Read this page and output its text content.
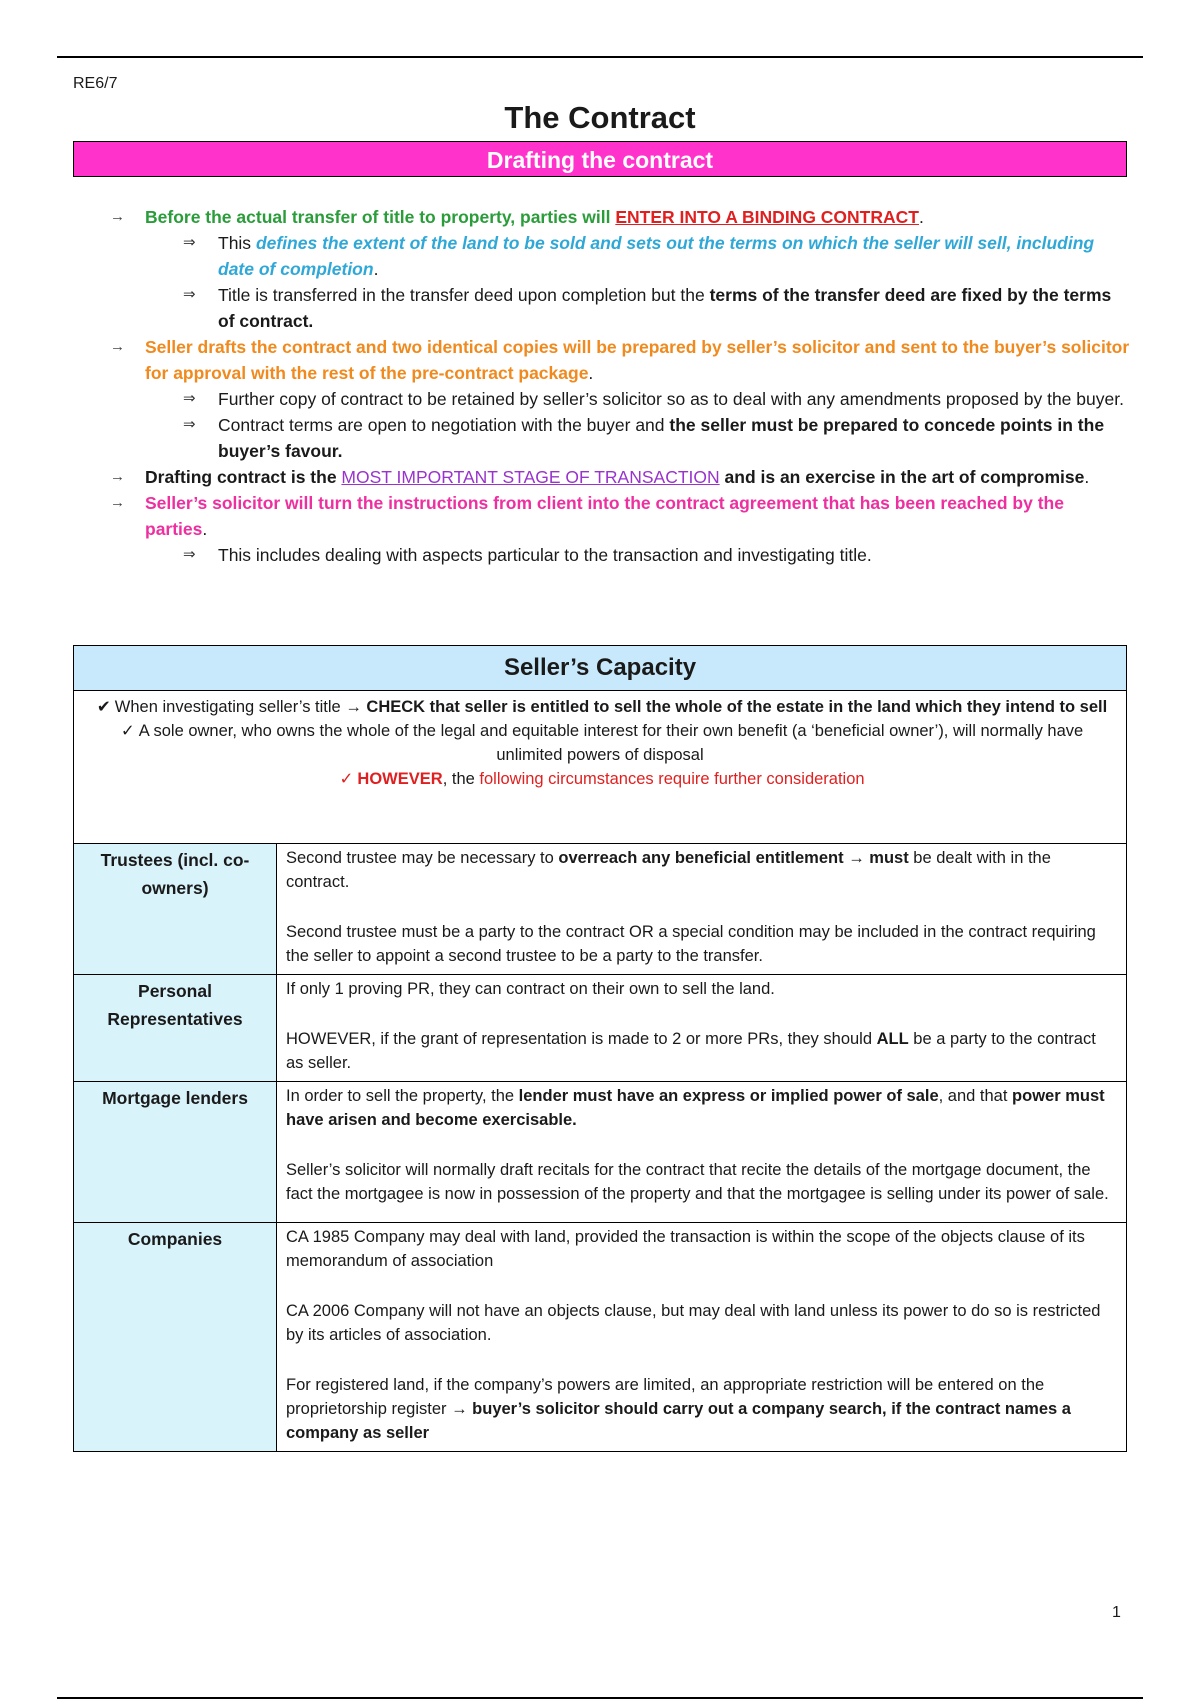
RE6/7
The Contract
Drafting the contract
→	Before the actual transfer of title to property, parties will ENTER INTO A BINDING CONTRACT.
⇒	This defines the extent of the land to be sold and sets out the terms on which the seller will sell, including date of completion.
⇒	Title is transferred in the transfer deed upon completion but the terms of the transfer deed are fixed by the terms of contract.
→	Seller drafts the contract and two identical copies will be prepared by seller’s solicitor and sent to the buyer’s solicitor for approval with the rest of the pre-contract package.
⇒	Further copy of contract to be retained by seller’s solicitor so as to deal with any amendments proposed by the buyer.
⇒	Contract terms are open to negotiation with the buyer and the seller must be prepared to concede points in the buyer’s favour.
→	Drafting contract is the MOST IMPORTANT STAGE OF TRANSACTION and is an exercise in the art of compromise.
→	Seller’s solicitor will turn the instructions from client into the contract agreement that has been reached by the parties.
⇒	This includes dealing with aspects particular to the transaction and investigating title.
Seller’s Capacity	

✔ When investigating seller’s title → CHECK that seller is entitled to sell the whole of the estate in the land which they intend to sell
✓ A sole owner, who owns the whole of the legal and equitable interest for their own benefit (a ‘beneficial owner’), will normally have unlimited powers of disposal
✓ HOWEVER, the following circumstances require further consideration	

Trustees (incl. co-owners)	Second trustee may be necessary to overreach any beneficial entitlement → must be dealt with in the contract.

Second trustee must be a party to the contract OR a special condition may be included in the contract requiring the seller to appoint a second trustee to be a party to the transfer.

Personal Representatives	If only 1 proving PR, they can contract on their own to sell the land.

HOWEVER, if the grant of representation is made to 2 or more PRs, they should ALL be a party to the contract as seller.

Mortgage lenders	In order to sell the property, the lender must have an express or implied power of sale, and that power must have arisen and become exercisable.

Seller’s solicitor will normally draft recitals for the contract that recite the details of the mortgage document, the fact the mortgagee is now in possession of the property and that the mortgagee is selling under its power of sale.

Companies	CA 1985 Company may deal with land, provided the transaction is within the scope of the objects clause of its memorandum of association

CA 2006 Company will not have an objects clause, but may deal with land unless its power to do so is restricted by its articles of association.

For registered land, if the company’s powers are limited, an appropriate restriction will be entered on the proprietorship register → buyer’s solicitor should carry out a company search, if the contract names a company as seller

1
